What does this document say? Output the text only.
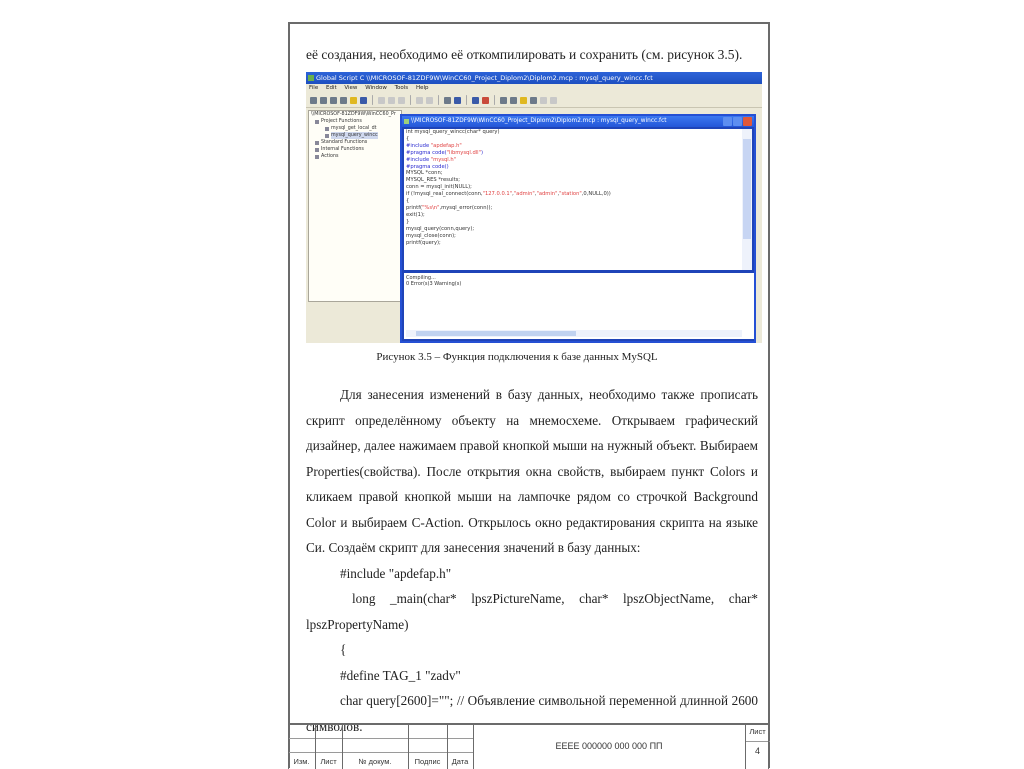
её создания, необходимо её откомпилировать и сохранить (см. рисунок 3.5).
Global Script C \\MICROSOF-81ZDF9W\WinCC60_Project_Diplom2\Diplom2.mcp : mysql_query_wincc.fct
File Edit View Window Tools Help
\\MICROSOF-81ZDF9W\WinCC60_Pr
Project Functions
mysql_get_local_dt
mysql_query_wincc
Standard Functions
Internal Functions
Actions
\\MICROSOF-81ZDF9W\WinCC60_Project_Diplom2\Diplom2.mcp : mysql_query_wincc.fct
int mysql_query_wincc(char* query)
{
#include "apdefap.h"
#pragma code("libmysql.dll")
#include "mysql.h"
#pragma code()
MYSQL *conn;
MYSQL_RES *results;
conn = mysql_init(NULL);
if (!mysql_real_connect(conn,"127.0.0.1","admin","admin","station",0,NULL,0))
{
printf("%s\n",mysql_error(conn));
exit(1);
}
mysql_query(conn,query);
mysql_close(conn);
printf(query);
Compiling...
0 Error(s)3 Warning(s)
Рисунок 3.5 – Функция подключения к базе данных MySQL

Для занесения изменений в базу данных, необходимо также прописать скрипт определённому объекту на мнемосхеме. Открываем графический дизайнер, далее нажимаем правой кнопкой мыши на нужный объект. Выбираем Properties(свойства). После открытия окна свойств, выбираем пункт Colors и кликаем правой кнопкой мыши на лампочке рядом со строчкой Background Color и выбираем C-Action. Открылось окно редактирования скрипта на языке Си. Создаём скрипт для занесения значений в базу данных:

#include "apdefap.h"

long _main(char* lpszPictureName, char* lpszObjectName, char*

lpszPropertyName)

{

#define TAG_1 "zadv"

char query[2600]=""; // Объявление символьной переменной длинной 2600 символов.

Изм.	Лист	№ докум.	Подпис	Дата
ЕЕЕЕ 000000 000 000 ПП
Лист
4
